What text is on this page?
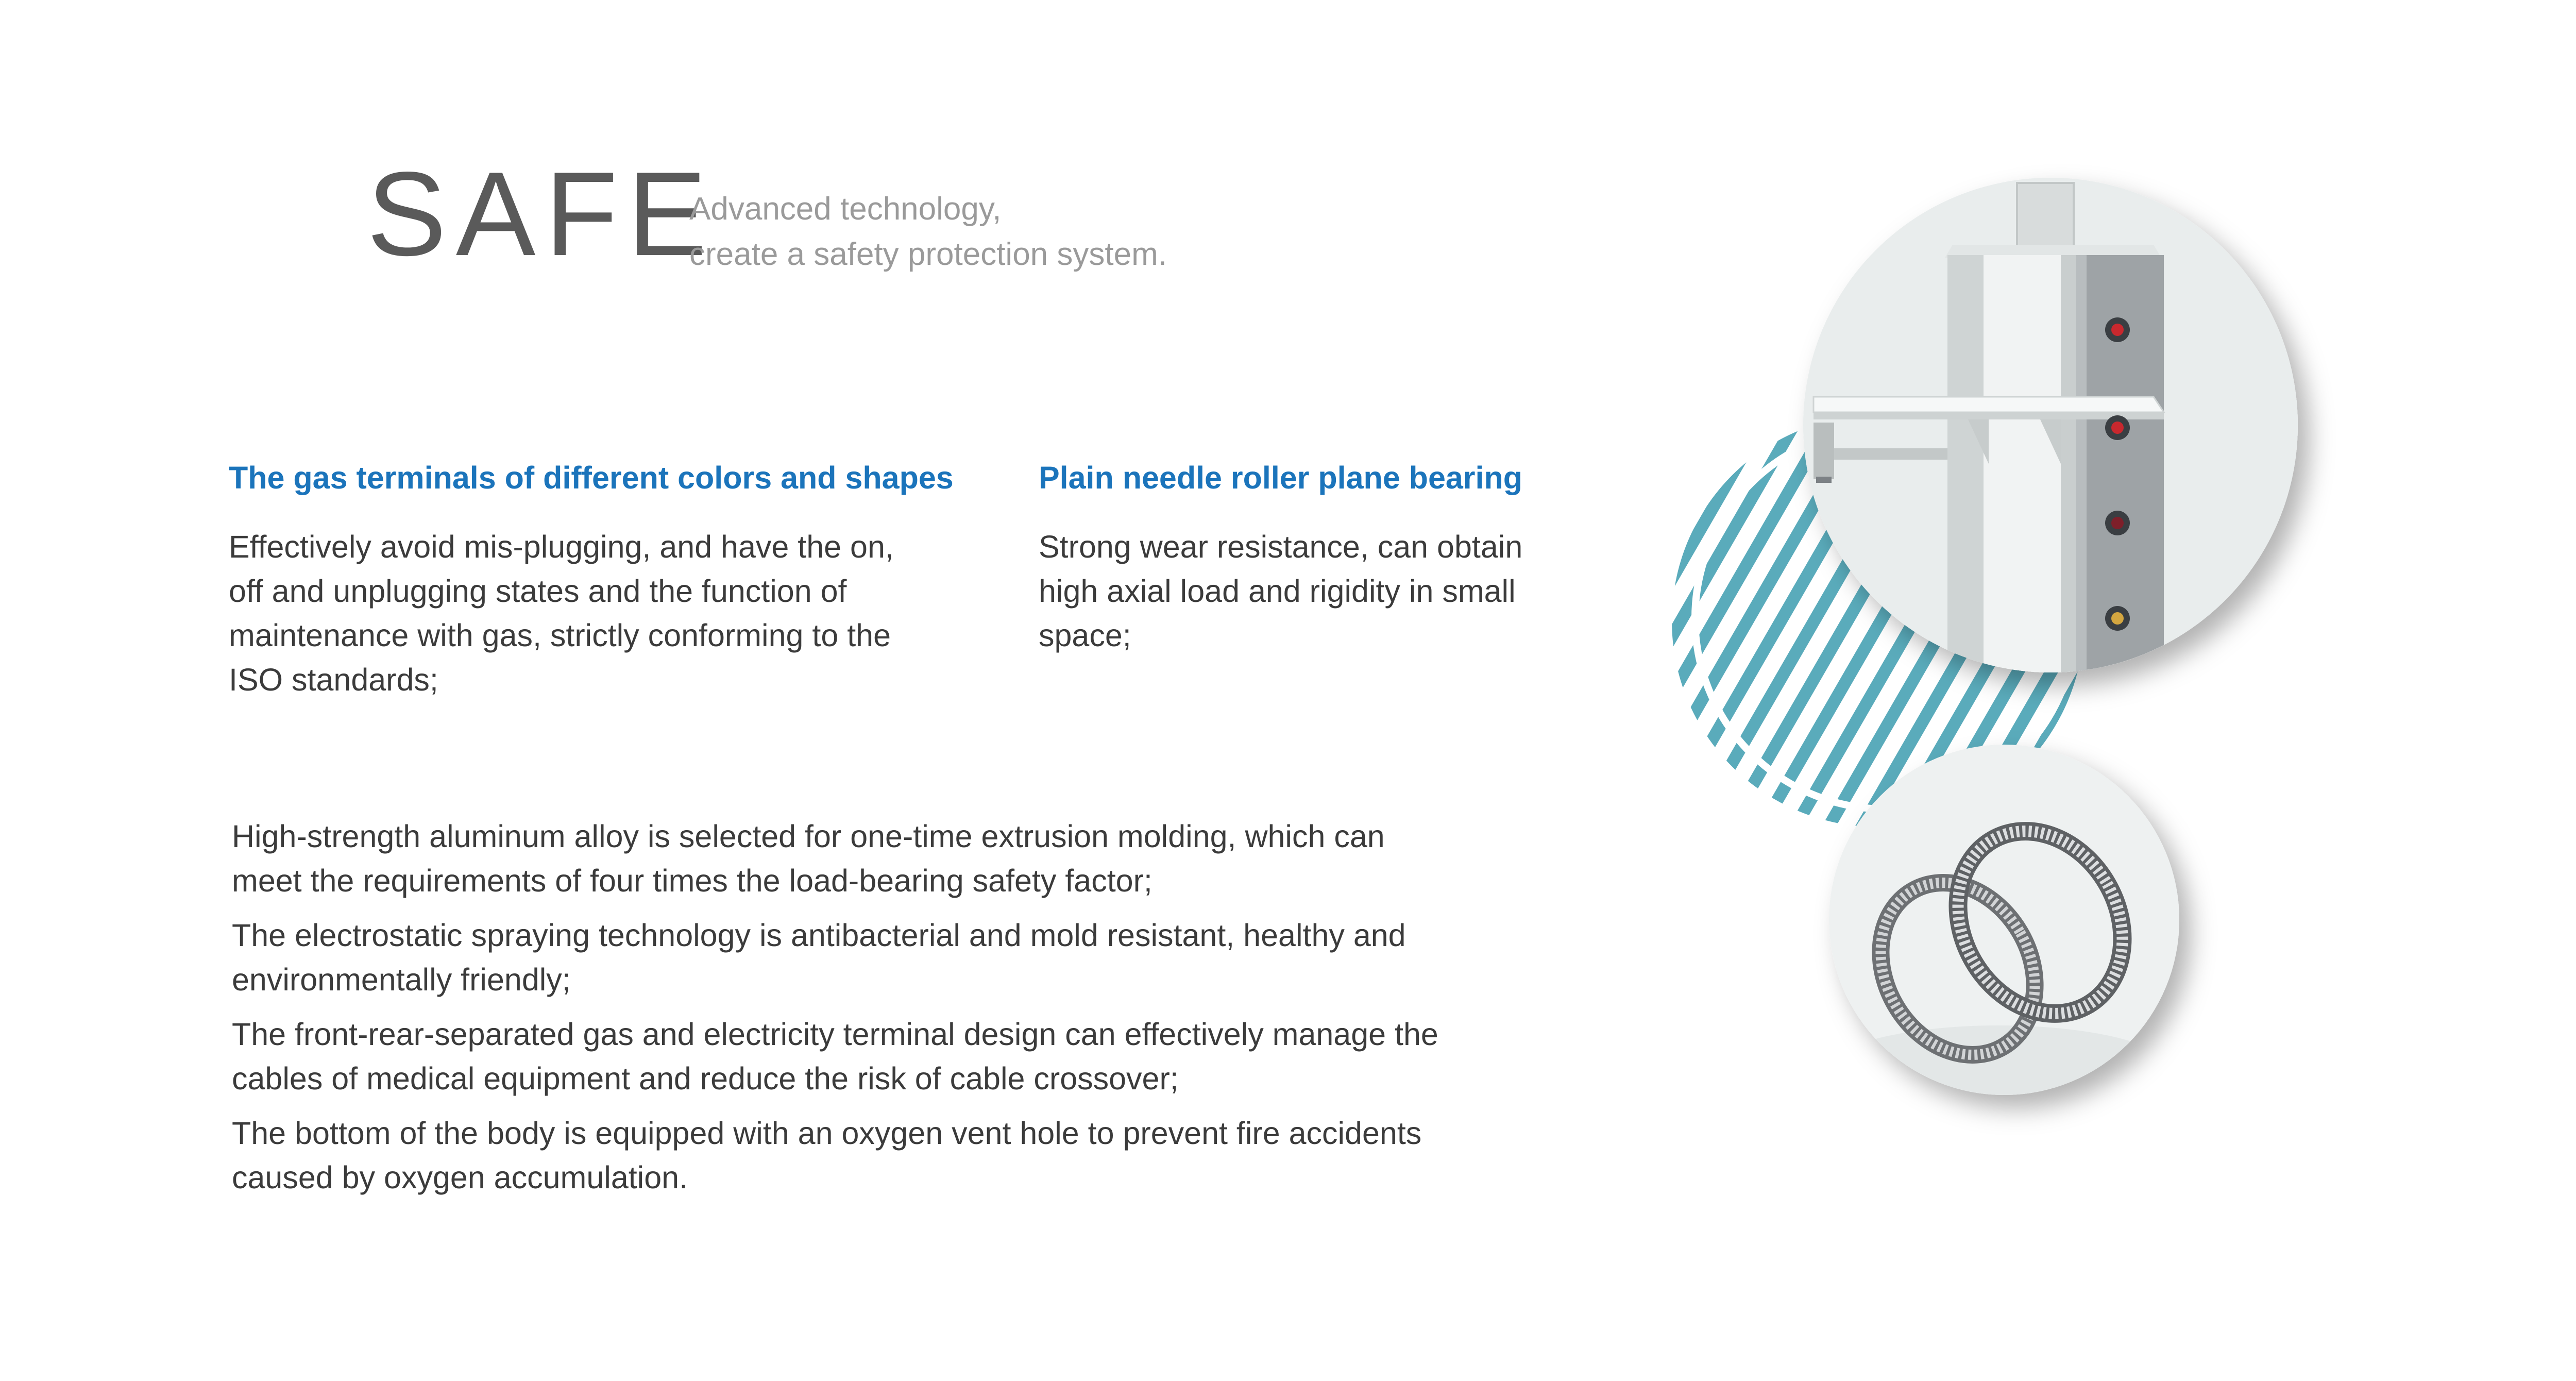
SAFE
Advanced technology,
create a safety protection system.
The gas terminals of different colors and shapes
Effectively avoid mis-plugging, and have the on,
off and unplugging states and the function of
maintenance with gas, strictly conforming to the
ISO standards;
Plain needle roller plane bearing
Strong wear resistance, can obtain
high axial load and rigidity in small
space;
High-strength aluminum alloy is selected for one-time extrusion molding, which can
meet the requirements of four times the load-bearing safety factor;
The electrostatic spraying technology is antibacterial and mold resistant, healthy and
environmentally friendly;
The front-rear-separated gas and electricity terminal design can effectively manage the
cables of medical equipment and reduce the risk of cable crossover;
The bottom of the body is equipped with an oxygen vent hole to prevent fire accidents
caused by oxygen accumulation.
